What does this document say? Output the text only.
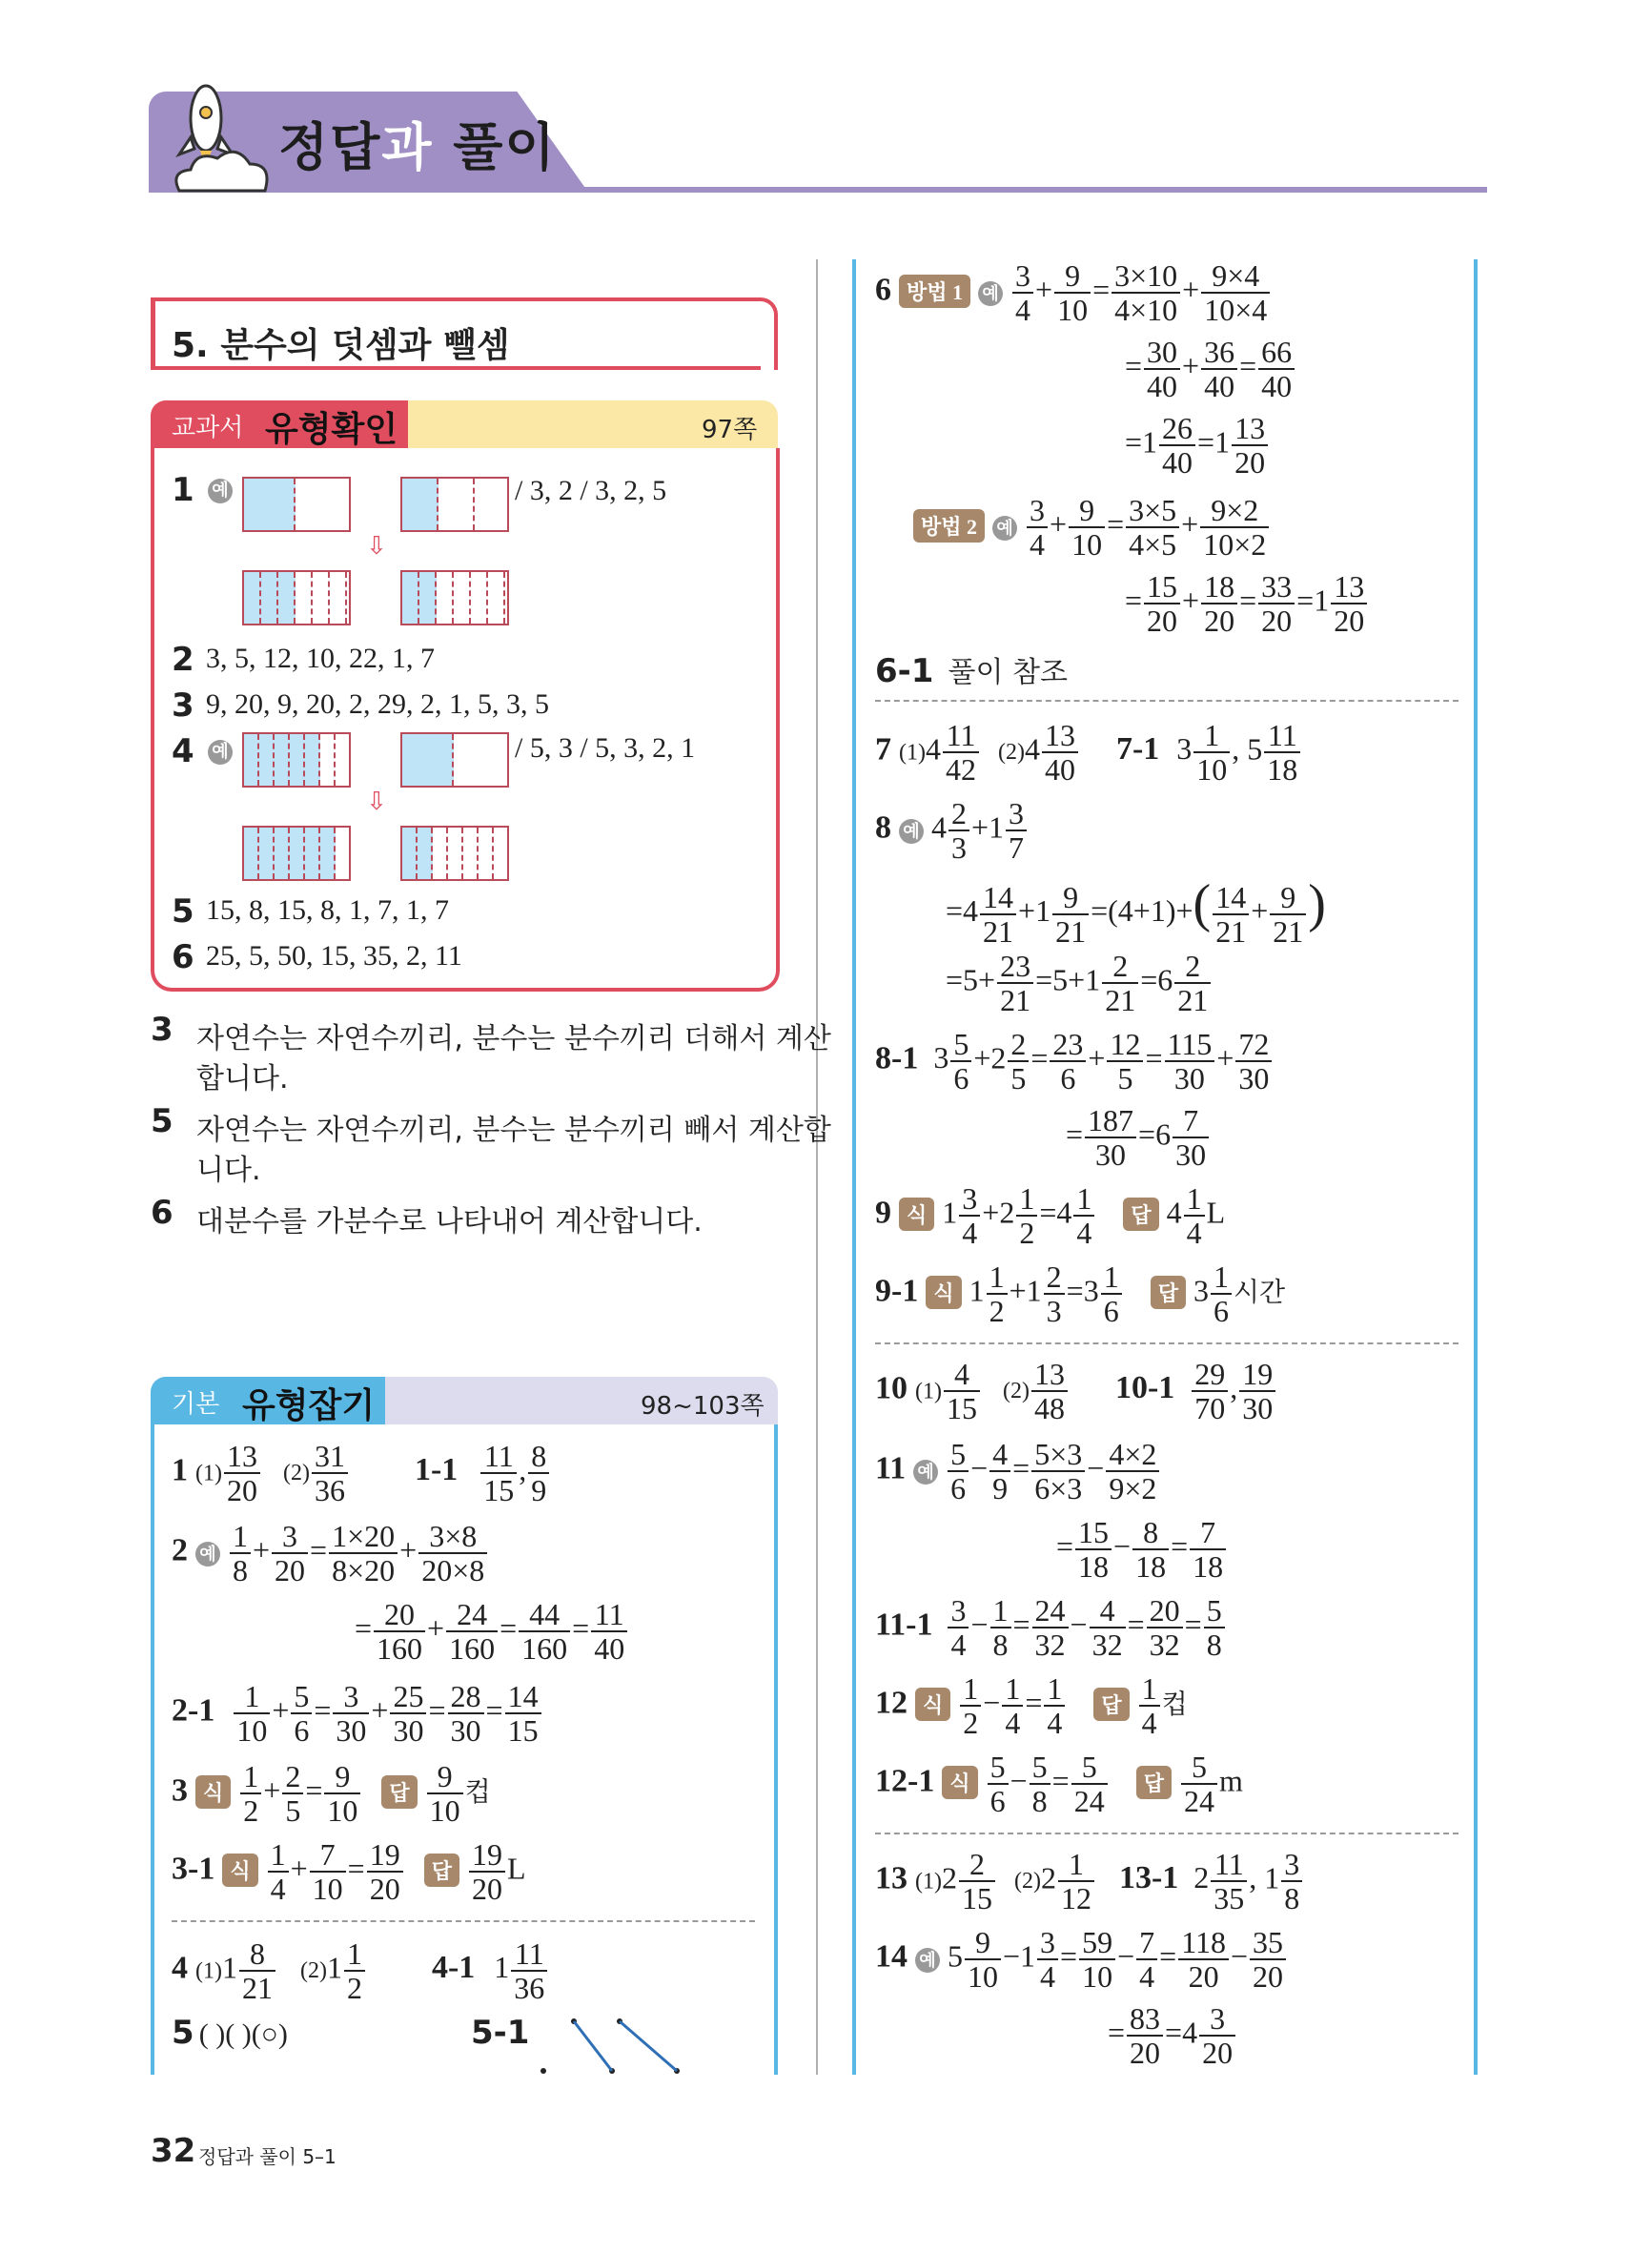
정답과 풀이
5. 분수의 덧셈과 뺄셈
교과서 유형확인	97쪽
1 예	/ 3, 2 / 3, 2, 5
⇩
2 3, 5, 12, 10, 22, 1, 7
3 9, 20, 9, 20, 2, 29, 2, 1, 5, 3, 5
4 예	/ 5, 3 / 5, 3, 2, 1
⇩
5 15, 8, 15, 8, 1, 7, 1, 7
6 25, 5, 50, 15, 35, 2, 11
3 자연수는 자연수끼리, 분수는 분수끼리 더해서 계산
합니다.
5 자연수는 자연수끼리, 분수는 분수끼리 빼서 계산합
니다.
6 대분수를 가분수로 나타내어 계산합니다.
기본 유형잡기	98~103쪽
1 $(1) \frac{13}{20} (2) \frac{31}{36} 1-1 \frac{11}{15}$ , $\frac{8}{9}$
2 예 $\frac{1}{8} + \frac{3}{20} = \frac{1\times 20}{8\times 20} + \frac{3\times 8}{20\times 8}$
= $\frac{20}{160} + \frac{24}{160} = \frac{44}{160} = \frac{11}{40}$
$2-1 \frac{1}{10} + \frac{5}{6} = \frac{3}{30} + \frac{25}{30} = \frac{28}{30} = \frac{14}{15}$
3 식 $\frac{1}{2} + \frac{2}{5} = \frac{9}{10}$ 답 $\frac{9}{10}$ 컵
3-1 식 $\frac{1}{4} + \frac{7}{10} = \frac{19}{20}$ 답 $\frac{19}{20}$ L
4 $(1)1 \frac{8}{21} (2)1 \frac{1}{2} 4-1$ $1 \frac{11}{36}$
5 ( )( )(○)	5-1
6 방법 1 예 $\frac{3}{4} + \frac{9}{10} = \frac{3\times 10}{4\times 10} + \frac{9\times 4}{10\times 4}$
= $\frac{30}{40} + \frac{36}{40} = \frac{66}{40}$
$=1 \frac{26}{40} =1 \frac{13}{20}$
방법 2 예 $\frac{3}{4} + \frac{9}{10} = \frac{3\times 5}{4\times 5} + \frac{9\times 2}{10\times 2}$
= $\frac{15}{20} + \frac{18}{20} = \frac{33}{20} =1 \frac{13}{20}$
6-1 풀이 참조
7 $(1)4 \frac{11}{42} (2)4 \frac{13}{40} 7-1$ $3 \frac{1}{10}$ , $5 \frac{11}{18}$
8 예 $4 \frac{2}{3} +1 \frac{3}{7}$
$=4 \frac{14}{21} +1 \frac{9}{21} =(4+1)+( \frac{14}{21} + \frac{9}{21}$ )
$=5+ \frac{23}{21} =5+1 \frac{2}{21} =6 \frac{2}{21}$
8-1 $3 \frac{5}{6} +2 \frac{2}{5} = \frac{23}{6} + \frac{12}{5} = \frac{115}{30} + \frac{72}{30}$
= $\frac{187}{30} =6 \frac{7}{30}$
9 식 $1 \frac{3}{4} +2 \frac{1}{2} =4 \frac{1}{4}$ 답 $4 \frac{1}{4}$ L
9-1 식 $1 \frac{1}{2} +1 \frac{2}{3} =3 \frac{1}{6}$ 답 $3 \frac{1}{6}$ 시간
10 $(1) \frac{4}{15} (2) \frac{13}{48} 10-1 \frac{29}{70}$ , $\frac{19}{30}$
11 예 $\frac{5}{6} - \frac{4}{9} = \frac{5\times 3}{6\times 3} - \frac{4\times 2}{9\times 2}$
= $\frac{15}{18} - \frac{8}{18} = \frac{7}{18}$
$11-1 \frac{3}{4} - \frac{1}{8} = \frac{24}{32} - \frac{4}{32} = \frac{20}{32} = \frac{5}{8}$
12 식 $\frac{1}{2} - \frac{1}{4} = \frac{1}{4}$ 답 $\frac{1}{4}$ 컵
12-1 식 $\frac{5}{6} - \frac{5}{8} = \frac{5}{24}$ 답 $\frac{5}{24}$ m
13 $(1)2 \frac{2}{15} (2)2 \frac{1}{12} 13-1$ $2 \frac{11}{35}$ , $1 \frac{3}{8}$
14 예 $5 \frac{9}{10} -1 \frac{3}{4} = \frac{59}{10} - \frac{7}{4} = \frac{118}{20} - \frac{35}{20}$
= $\frac{83}{20} =4 \frac{3}{20}$
32 정답과 풀이 5–1
